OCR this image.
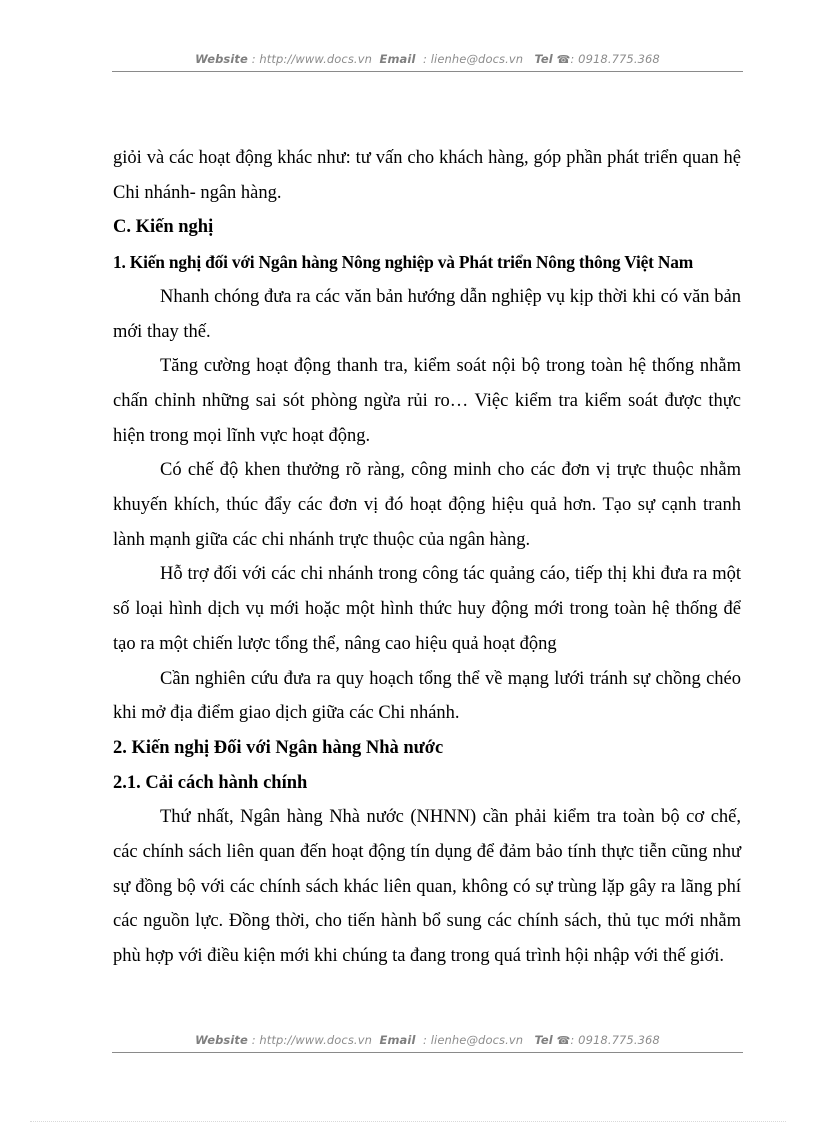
Website : http://www.docs.vn Email : lienhe@docs.vn Tel ☎: 0918.775.368

giỏi và các hoạt động khác như: tư vấn cho khách hàng, góp phần phát triển quan hệ Chi nhánh- ngân hàng.

C. Kiến nghị

1. Kiến nghị đối với Ngân hàng Nông nghiệp và Phát triển Nông thông Việt Nam

Nhanh chóng đưa ra các văn bản hướng dẫn nghiệp vụ kịp thời khi có văn bản mới thay thế.

Tăng cường hoạt động thanh tra, kiểm soát nội bộ trong toàn hệ thống nhằm chấn chỉnh những sai sót phòng ngừa rủi ro… Việc kiểm tra kiểm soát được thực hiện trong mọi lĩnh vực hoạt động.

Có chế độ khen thưởng rõ ràng, công minh cho các đơn vị trực thuộc nhằm khuyến khích, thúc đẩy các đơn vị đó hoạt động hiệu quả hơn. Tạo sự cạnh tranh lành mạnh giữa các chi nhánh trực thuộc của ngân hàng.

Hỗ trợ đối với các chi nhánh trong công tác quảng cáo, tiếp thị khi đưa ra một số loại hình dịch vụ mới hoặc một hình thức huy động mới trong toàn hệ thống để tạo ra một chiến lược tổng thể, nâng cao hiệu quả hoạt động

Cần nghiên cứu đưa ra quy hoạch tổng thể về mạng lưới tránh sự chồng chéo khi mở địa điểm giao dịch giữa các Chi nhánh.

2. Kiến nghị Đối với Ngân hàng Nhà nước

2.1. Cải cách hành chính

Thứ nhất, Ngân hàng Nhà nước (NHNN) cần phải kiểm tra toàn bộ cơ chế, các chính sách liên quan đến hoạt động tín dụng để đảm bảo tính thực tiễn cũng như sự đồng bộ với các chính sách khác liên quan, không có sự trùng lặp gây ra lãng phí các nguồn lực. Đồng thời, cho tiến hành bổ sung các chính sách, thủ tục mới nhằm phù hợp với điều kiện mới khi chúng ta đang trong quá trình hội nhập với thế giới.

Website : http://www.docs.vn Email : lienhe@docs.vn Tel ☎: 0918.775.368
